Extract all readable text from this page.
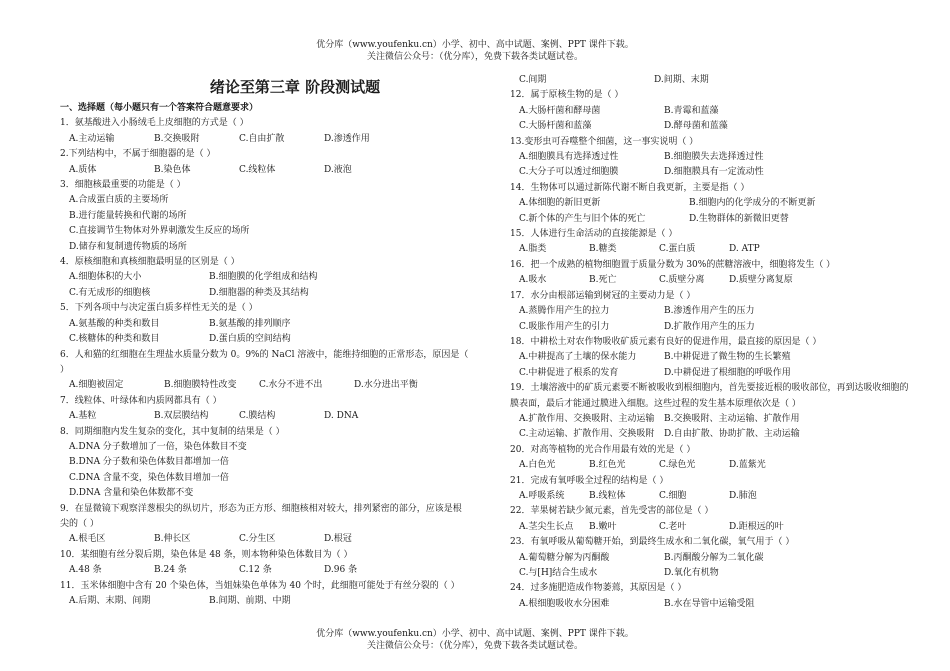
优分库（www.youfenku.cn）小学、初中、高中试题、案例、PPT 课件下载。
关注微信公众号：（优分库），免费下载各类试题试卷。
绪论至第三章 阶段测试题
一、选择题（每小题只有一个答案符合题意要求）
1．氨基酸进入小肠绒毛上皮细胞的方式是（ ）
A.主动运输	B.交换吸附	C.自由扩散	D.渗透作用
2.下列结构中，不属于细胞器的是（ ）
A.质体	B.染色体	C.线粒体	D.液泡
3．细胞核最重要的功能是（ ）
A.合成蛋白质的主要场所
B.进行能量转换和代谢的场所
C.直接调节生物体对外界刺激发生反应的场所
D.储存和复制遗传物质的场所
4．原核细胞和真核细胞最明显的区别是（ ）
A.细胞体积的大小	B.细胞膜的化学组成和结构
C.有无成形的细胞核	D.细胞器的种类及其结构
5．下列各项中与决定蛋白质多样性无关的是（ ）
A.氨基酸的种类和数目	B.氨基酸的排列顺序
C.核糖体的种类和数目	D.蛋白质的空间结构
6．人和猫的红细胞在生理盐水质量分数为 0。9%的 NaCl 溶液中，能维持细胞的正常形态，原因是（ ）
A.细胞被固定	B.细胞膜特性改变	C.水分不进不出	D.水分进出平衡
7．线粒体、叶绿体和内质网都具有（ ）
A.基粒	B.双层膜结构	C.膜结构	D. DNA
8．同期细胞内发生复杂的变化，其中复制的结果是（ ）
A.DNA 分子数增加了一倍，染色体数目不变
B.DNA 分子数和染色体数目都增加一倍
C.DNA 含量不变，染色体数目增加一倍
D.DNA 含量和染色体数都不变
9．在显微镜下观察洋葱根尖的纵切片，形态为正方形、细胞核相对较大，排列紧密的部分，应该是根尖的（ ）
A.根毛区	B.伸长区	C.分生区	D.根冠
10．某细胞有丝分裂后期，染色体是 48 条，则本物种染色体数目为（ ）
A.48 条	B.24 条	C.12 条	D.96 条
11．玉米体细胞中含有 20 个染色体，当姐妹染色单体为 40 个时，此细胞可能处于有丝分裂的（ ）
A.后期、末期、间期	B.间期、前期、中期
C.间期	D.间期、末期
12．属于原核生物的是（ ）
A.大肠杆菌和酵母菌	B.青霉和蓝藻
C.大肠杆菌和蓝藻	D.酵母菌和蓝藻
13.变形虫可吞噬整个细菌，这一事实说明（ ）
A.细胞膜具有选择透过性	B.细胞膜失去选择透过性
C.大分子可以透过细胞膜	D.细胞膜具有一定流动性
14．生物体可以通过新陈代谢不断自我更新，主要是指（ ）
A.体细胞的新旧更新	B.细胞内的化学成分的不断更新
C.新个体的产生与旧个体的死亡	D.生物群体的新微旧更替
15．人体进行生命活动的直接能源是（ ）
A.脂类	B.糖类	C.蛋白质	D. ATP
16．把一个成熟的植物细胞置于质量分数为 30%的蔗糖溶液中，细胞将发生（ ）
A.吸水	B.死亡	C.质壁分离	D.质壁分离复原
17．水分由根部运输到树冠的主要动力是（ ）
A.蒸腾作用产生的拉力	B.渗透作用产生的压力
C.吸胀作用产生的引力	D.扩散作用产生的压力
18．中耕松土对农作物吸收矿质元素有良好的促进作用，最直接的原因是（ ）
A.中耕提高了土壤的保水能力	B.中耕促进了微生物的生长繁殖
C.中耕促进了根系的发育	D.中耕促进了根细胞的呼吸作用
19．土壤溶液中的矿质元素要不断被吸收到根细胞内，首先要接近根的吸收部位，再到达吸收细胞的膜表面，最后才能通过膜进入细胞。这些过程的发生基本原理依次是（ ）
A.扩散作用、交换吸附、主动运输	B.交换吸附、主动运输、扩散作用
C.主动运输、扩散作用、交换吸附	D.自由扩散、协助扩散、主动运输
20．对高等植物的光合作用最有效的光是（ ）
A.白色光	B.红色光	C.绿色光	D.蓝紫光
21．完成有氧呼吸全过程的结构是（ ）
A.呼吸系统	B.线粒体	C.细胞	D.肺泡
22．苹果树若缺少氮元素，首先受害的部位是（ ）
A.茎尖生长点	B.嫩叶	C.老叶	D.距根远的叶
23．有氧呼吸从葡萄糖开始，到最终生成水和二氧化碳，氧气用于（ ）
A.葡萄糖分解为丙酮酸	B.丙酮酸分解为二氧化碳
C.与[H]结合生成水	D.氧化有机物
24．过多施肥造成作物萎蔫，其原因是（ ）
A.根细胞吸收水分困难	B.水在导管中运输受阻
优分库（www.youfenku.cn）小学、初中、高中试题、案例、PPT 课件下载。
关注微信公众号：（优分库），免费下载各类试题试卷。
